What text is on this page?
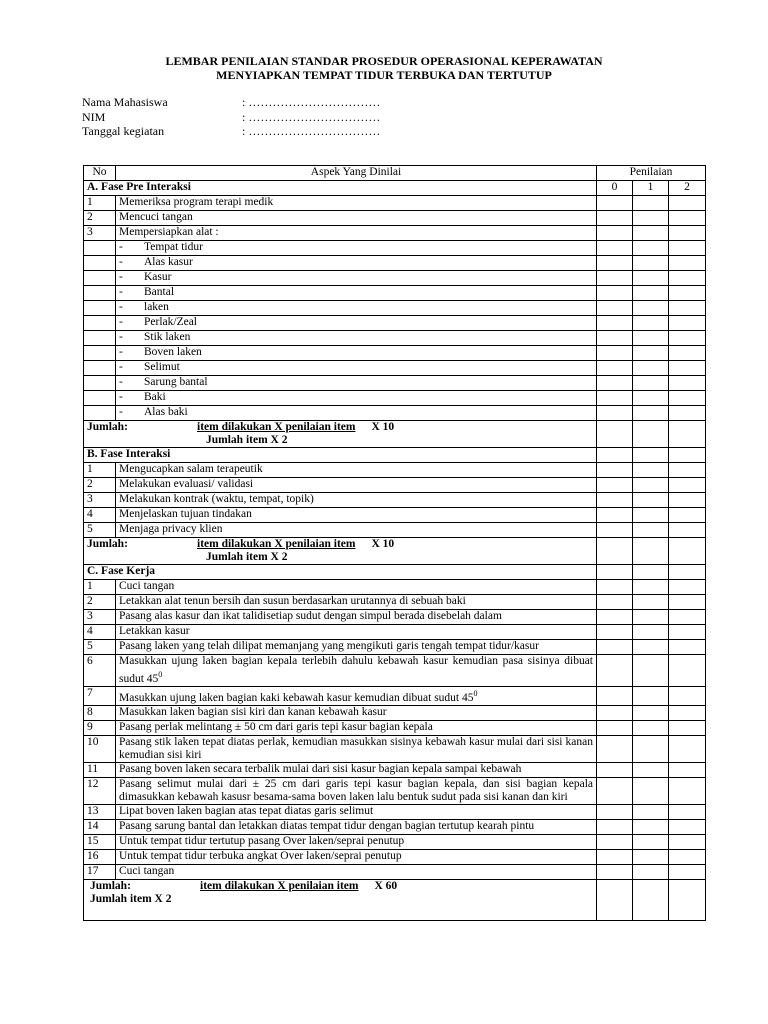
LEMBAR PENILAIAN STANDAR PROSEDUR OPERASIONAL KEPERAWATAN
MENYIAPKAN TEMPAT TIDUR TERBUKA DAN TERTUTUP
Nama Mahasiswa	: ……………………………
NIM	: ……………………………
Tanggal kegiatan	: ……………………………
No	Aspek Yang Dinilai	Penilaian		
A. Fase Pre Interaksi		0	1	2
1	Memeriksa program terapi medik			
2	Mencuci tangan			
3	Mempersiapkan alat :			
	- Tempat tidur			
	- Alas kasur			
	- Kasur			
	- Bantal			
	- laken			
	- Perlak/Zeal			
	- Stik laken			
	- Boven laken			
	- Selimut			
	- Sarung bantal			
	- Baki			
	- Alas baki			

Jumlah: item dilakukan X penilaian item X 10
Jumlah item X 2				

B. Fase Interaksi				
1	Mengucapkan salam terapeutik			
2	Melakukan evaluasi/ validasi			
3	Melakukan kontrak (waktu, tempat, topik)			
4	Menjelaskan tujuan tindakan			
5	Menjaga privacy klien			

Jumlah: item dilakukan X penilaian item X 10
Jumlah item X 2				

C. Fase Kerja				
1	Cuci tangan			
2	Letakkan alat tenun bersih dan susun berdasarkan urutannya di sebuah baki			
3	Pasang alas kasur dan ikat talidisetiap sudut dengan simpul berada disebelah dalam			
4	Letakkan kasur			
5	Pasang laken yang telah dilipat memanjang yang mengikuti garis tengah tempat tidur/kasur			
6	Masukkan ujung laken bagian kepala terlebih dahulu kebawah kasur kemudian pasa sisinya dibuat sudut $45^0$			
7	Masukkan ujung laken bagian kaki kebawah kasur kemudian dibuat sudut $45^0$			
8	Masukkan laken bagian sisi kiri dan kanan kebawah kasur			
9	Pasang perlak melintang ± 50 cm dari garis tepi kasur bagian kepala			
10	Pasang stik laken tepat diatas perlak, kemudian masukkan sisinya kebawah kasur mulai dari sisi kanan kemudian sisi kiri			
11	Pasang boven laken secara terbalik mulai dari sisi kasur bagian kepala sampai kebawah			
12	Pasang selimut mulai dari ± 25 cm dari garis tepi kasur bagian kepala, dan sisi bagian kepala dimasukkan kebawah kasusr besama-sama boven laken lalu bentuk sudut pada sisi kanan dan kiri			
13	Lipat boven laken bagian atas tepat diatas garis selimut			
14	Pasang sarung bantal dan letakkan diatas tempat tidur dengan bagian tertutup kearah pintu			
15	Untuk tempat tidur tertutup pasang Over laken/seprai penutup			
16	Untuk tempat tidur terbuka angkat Over laken/seprai penutup			
17	Cuci tangan			

Jumlah: item dilakukan X penilaian item X 60
Jumlah item X 2				
